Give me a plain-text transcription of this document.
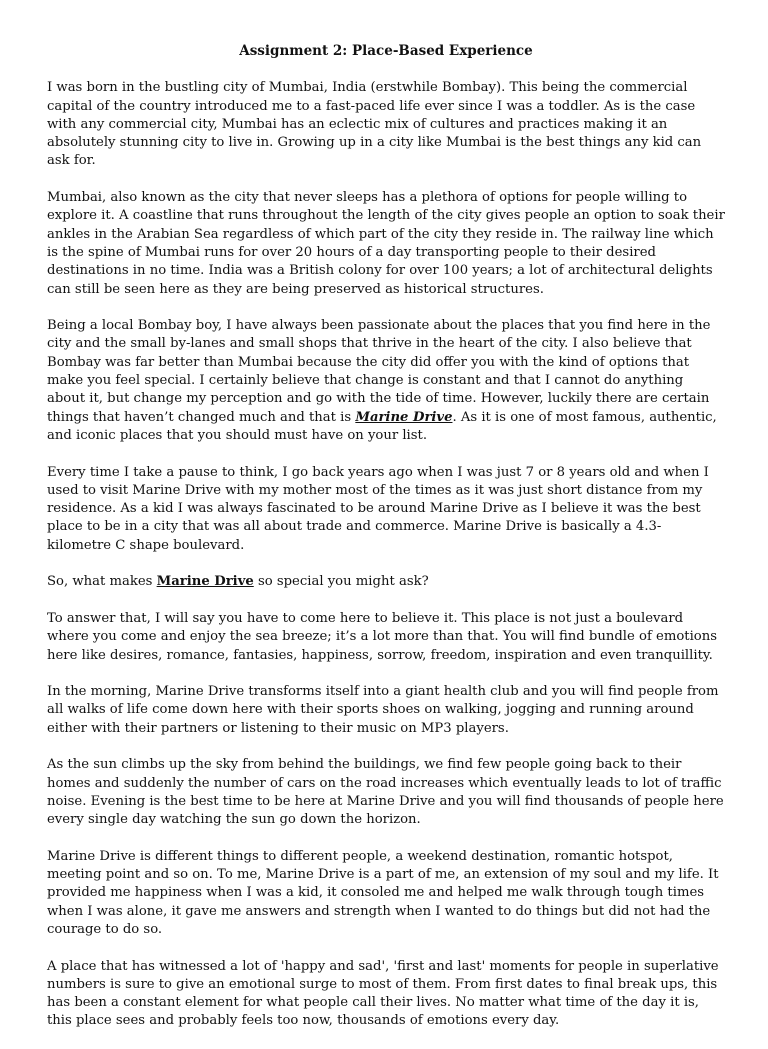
Assignment 2: Place-Based Experience

I was born in the bustling city of Mumbai, India (erstwhile Bombay). This being the commercial capital of the country introduced me to a fast-paced life ever since I was a toddler. As is the case with any commercial city, Mumbai has an eclectic mix of cultures and practices making it an absolutely stunning city to live in. Growing up in a city like Mumbai is the best things any kid can ask for.

Mumbai, also known as the city that never sleeps has a plethora of options for people willing to explore it. A coastline that runs throughout the length of the city gives people an option to soak their ankles in the Arabian Sea regardless of which part of the city they reside in. The railway line which is the spine of Mumbai runs for over 20 hours of a day transporting people to their desired destinations in no time. India was a British colony for over 100 years; a lot of architectural delights can still be seen here as they are being preserved as historical structures.

Being a local Bombay boy, I have always been passionate about the places that you find here in the city and the small by-lanes and small shops that thrive in the heart of the city. I also believe that Bombay was far better than Mumbai because the city did offer you with the kind of options that make you feel special. I certainly believe that change is constant and that I cannot do anything about it, but change my perception and go with the tide of time. However, luckily there are certain things that haven’t changed much and that is Marine Drive. As it is one of most famous, authentic, and iconic places that you should must have on your list.

Every time I take a pause to think, I go back years ago when I was just 7 or 8 years old and when I used to visit Marine Drive with my mother most of the times as it was just short distance from my residence. As a kid I was always fascinated to be around Marine Drive as I believe it was the best place to be in a city that was all about trade and commerce. Marine Drive is basically a 4.3-kilometre C shape boulevard.

So, what makes Marine Drive so special you might ask?

To answer that, I will say you have to come here to believe it. This place is not just a boulevard where you come and enjoy the sea breeze; it’s a lot more than that. You will find bundle of emotions here like desires, romance, fantasies, happiness, sorrow, freedom, inspiration and even tranquillity.

In the morning, Marine Drive transforms itself into a giant health club and you will find people from all walks of life come down here with their sports shoes on walking, jogging and running around either with their partners or listening to their music on MP3 players.

As the sun climbs up the sky from behind the buildings, we find few people going back to their homes and suddenly the number of cars on the road increases which eventually leads to lot of traffic noise. Evening is the best time to be here at Marine Drive and you will find thousands of people here every single day watching the sun go down the horizon.

Marine Drive is different things to different people, a weekend destination, romantic hotspot, meeting point and so on. To me, Marine Drive is a part of me, an extension of my soul and my life. It provided me happiness when I was a kid, it consoled me and helped me walk through tough times when I was alone, it gave me answers and strength when I wanted to do things but did not had the courage to do so.

A place that has witnessed a lot of 'happy and sad', 'first and last' moments for people in superlative numbers is sure to give an emotional surge to most of them. From first dates to final break ups, this has been a constant element for what people call their lives. No matter what time of the day it is, this place sees and probably feels too now, thousands of emotions every day.
